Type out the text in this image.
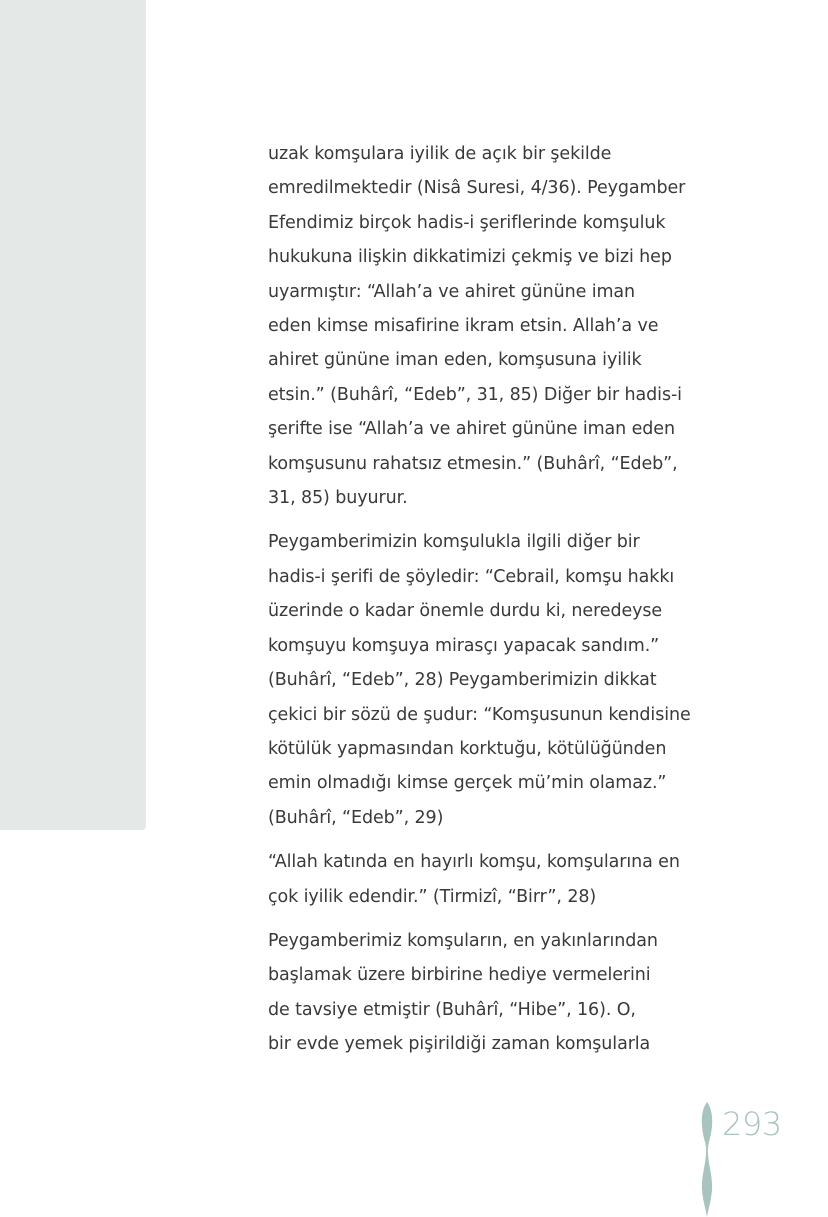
uzak komşulara iyilik de açık bir şekilde
emredilmektedir (Nisâ Suresi, 4/36). Peygamber
Efendimiz birçok hadis-i şeriflerinde komşuluk
hukukuna ilişkin dikkatimizi çekmiş ve bizi hep
uyarmıştır: “Allah’a ve ahiret gününe iman
eden kimse misafirine ikram etsin. Allah’a ve
ahiret gününe iman eden, komşusuna iyilik
etsin.” (Buhârî, “Edeb”, 31, 85) Diğer bir hadis-i
şerifte ise “Allah’a ve ahiret gününe iman eden
komşusunu rahatsız etmesin.” (Buhârî, “Edeb”,
31, 85) buyurur.

Peygamberimizin komşulukla ilgili diğer bir
hadis-i şerifi de şöyledir: “Cebrail, komşu hakkı
üzerinde o kadar önemle durdu ki, neredeyse
komşuyu komşuya mirasçı yapacak sandım.”
(Buhârî, “Edeb”, 28) Peygamberimizin dikkat
çekici bir sözü de şudur: “Komşusunun kendisine
kötülük yapmasından korktuğu, kötülüğünden
emin olmadığı kimse gerçek mü’min olamaz.”
(Buhârî, “Edeb”, 29)

“Allah katında en hayırlı komşu, komşularına en
çok iyilik edendir.” (Tirmizî, “Birr”, 28)

Peygamberimiz komşuların, en yakınlarından
başlamak üzere birbirine hediye vermelerini
de tavsiye etmiştir (Buhârî, “Hibe”, 16). O,
bir evde yemek pişirildiği zaman komşularla

293
